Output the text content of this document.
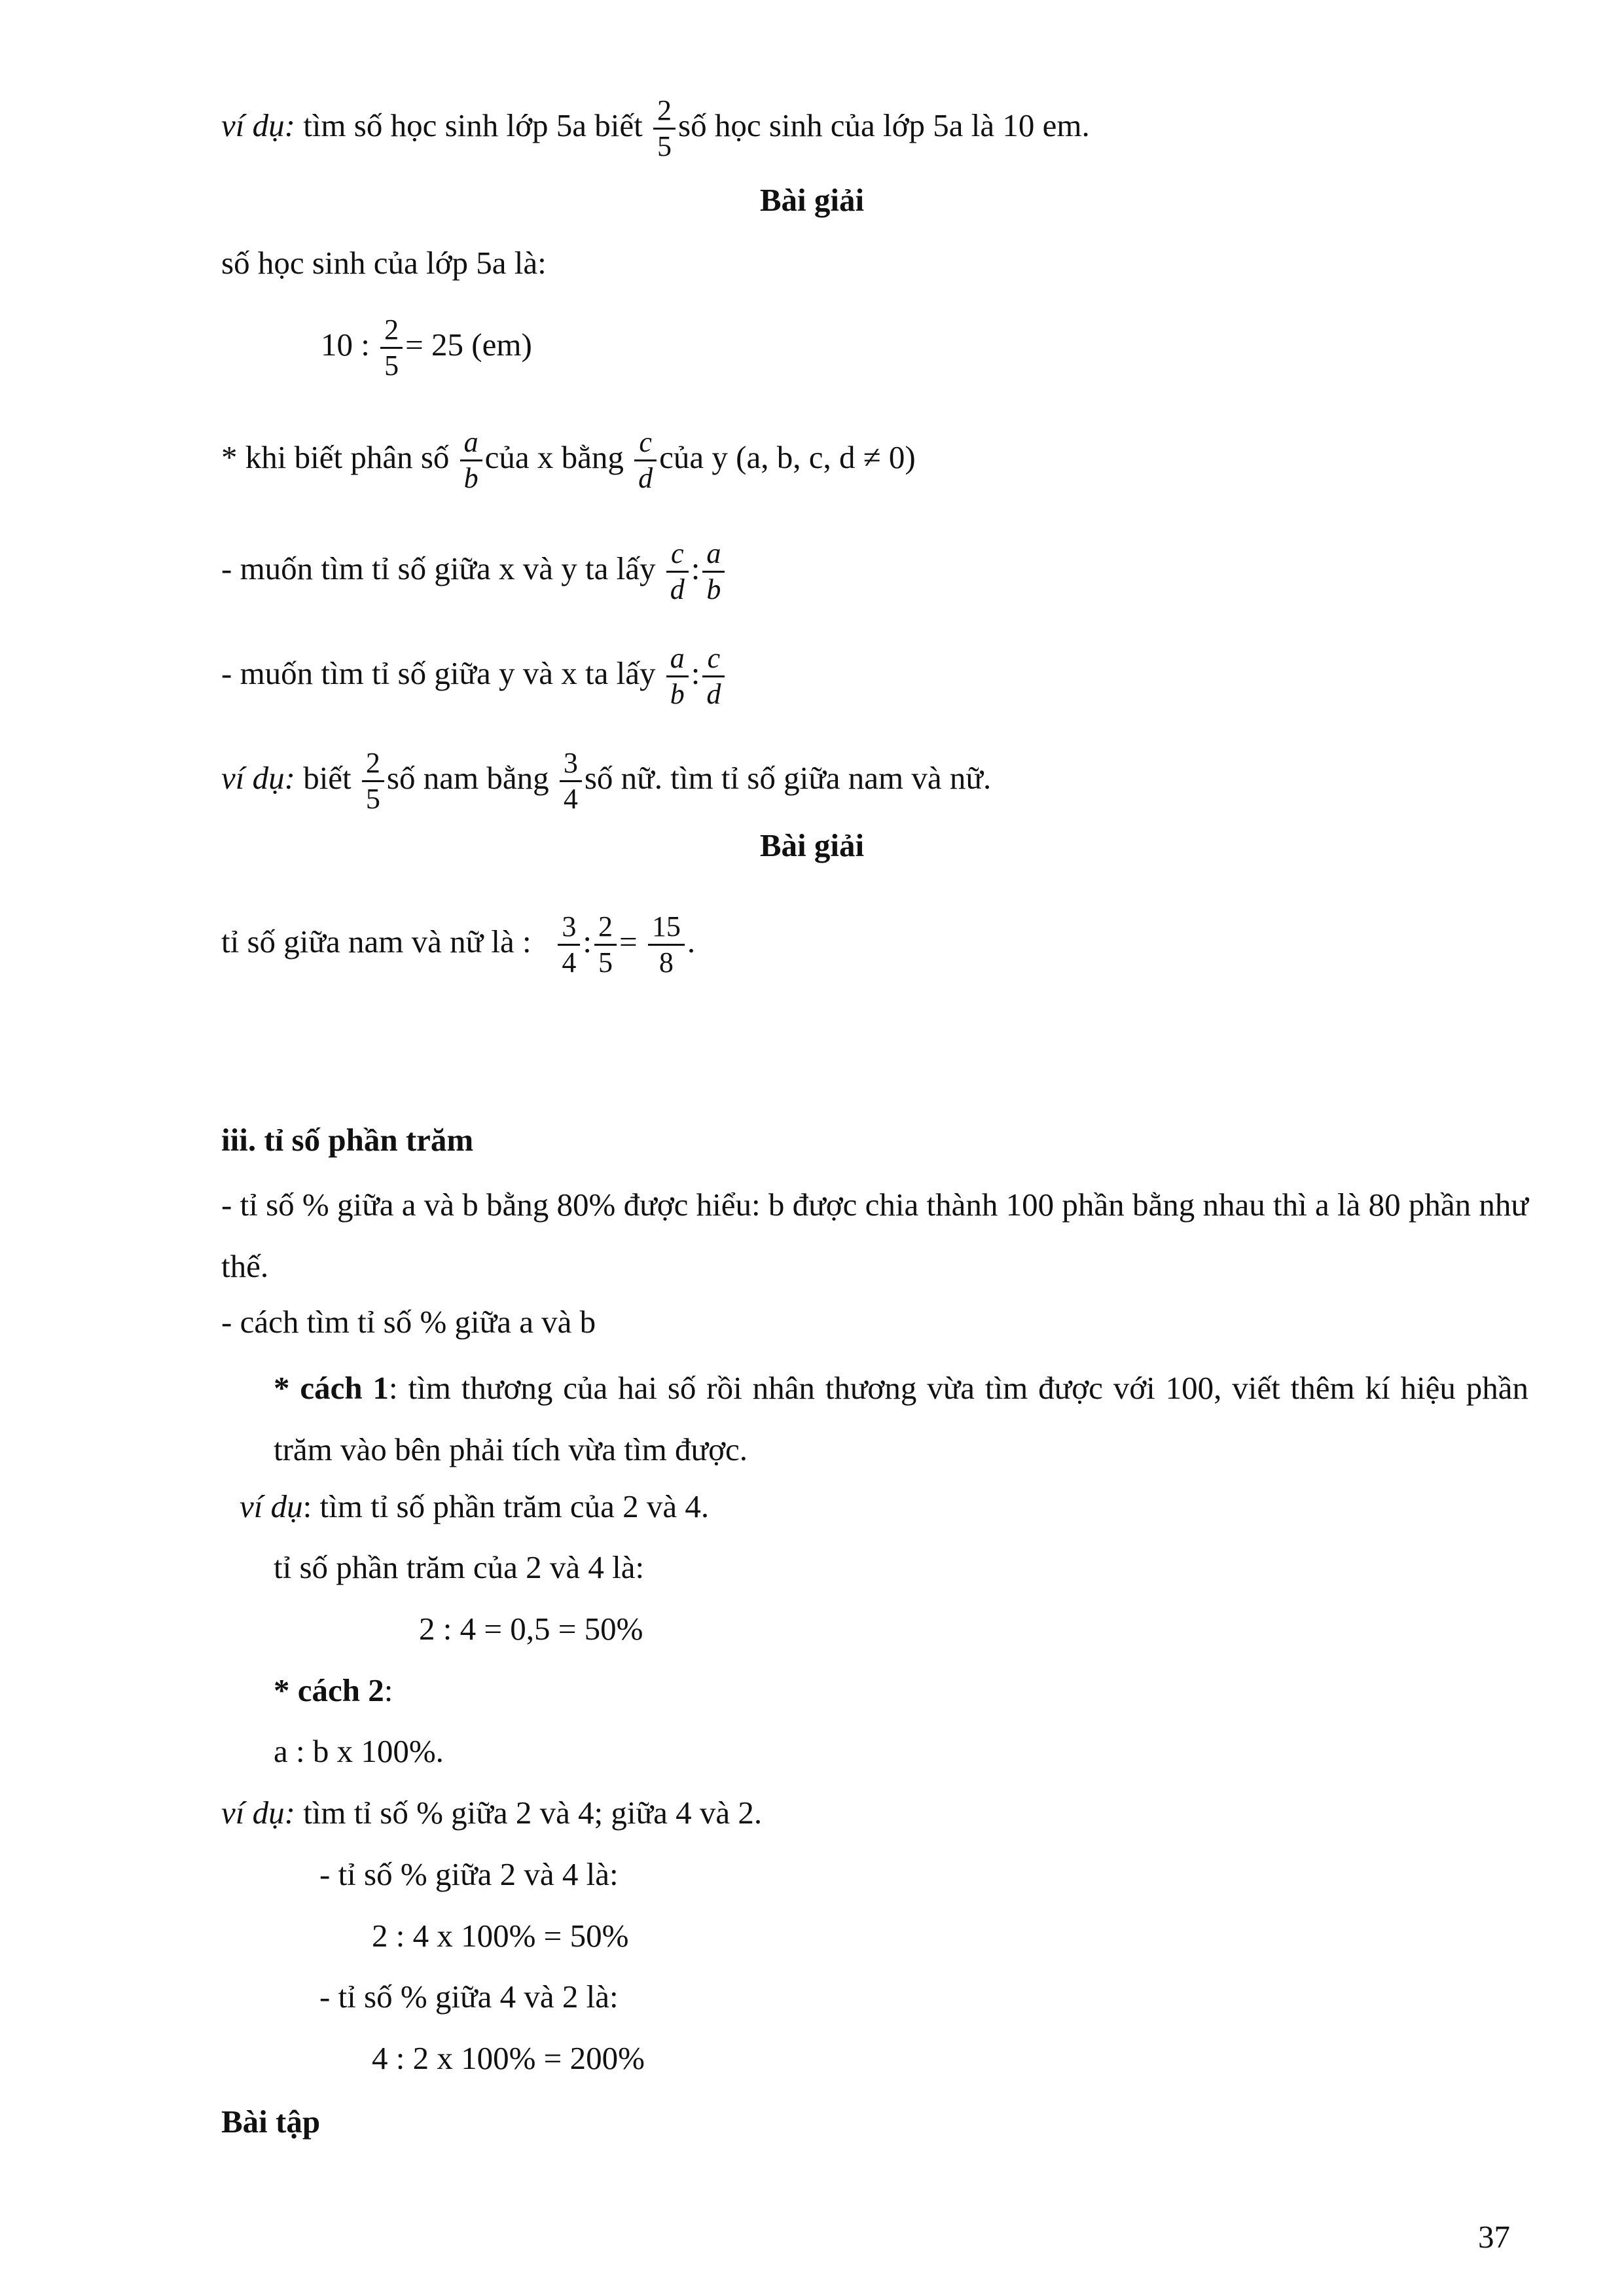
ví dụ: tìm số học sinh lớp 5a biết $\frac{2}{5}$ số học sinh của lớp 5a là 10 em.
Bài giải
số học sinh của lớp 5a là:
10 : $\frac{2}{5} = 25$ (em)
* khi biết phân số $\frac{a}{b}$ của x bằng $\frac{c}{d}$ của y (a, b, c, d ≠ 0)
- muốn tìm tỉ số giữa x và y ta lấy $\frac{c}{d}$ : $\frac{a}{b}$
- muốn tìm tỉ số giữa y và x ta lấy $\frac{a}{b}$ : $\frac{c}{d}$
ví dụ: biết $\frac{2}{5}$ số nam bằng $\frac{3}{4}$ số nữ. tìm tỉ số giữa nam và nữ.
Bài giải
tỉ số giữa nam và nữ là : $\frac{3}{4}$ : $\frac{2}{5} = \frac{15}{8}$ .
iii. tỉ số phần trăm
- tỉ số % giữa a và b bằng 80% được hiểu: b được chia thành 100 phần bằng nhau thì a là 80 phần như thế.
- cách tìm tỉ số % giữa a và b
* cách 1: tìm thương của hai số rồi nhân thương vừa tìm được với 100, viết thêm kí hiệu phần trăm vào bên phải tích vừa tìm được.
ví dụ: tìm tỉ số phần trăm của 2 và 4.
tỉ số phần trăm của 2 và 4 là:
2 : 4 = 0,5 = 50%
* cách 2:
a : b x 100%.
ví dụ: tìm tỉ số % giữa 2 và 4; giữa 4 và 2.
- tỉ số % giữa 2 và 4 là:
2 : 4 x 100% = 50%
- tỉ số % giữa 4 và 2 là:
4 : 2 x 100% = 200%
Bài tập
37
